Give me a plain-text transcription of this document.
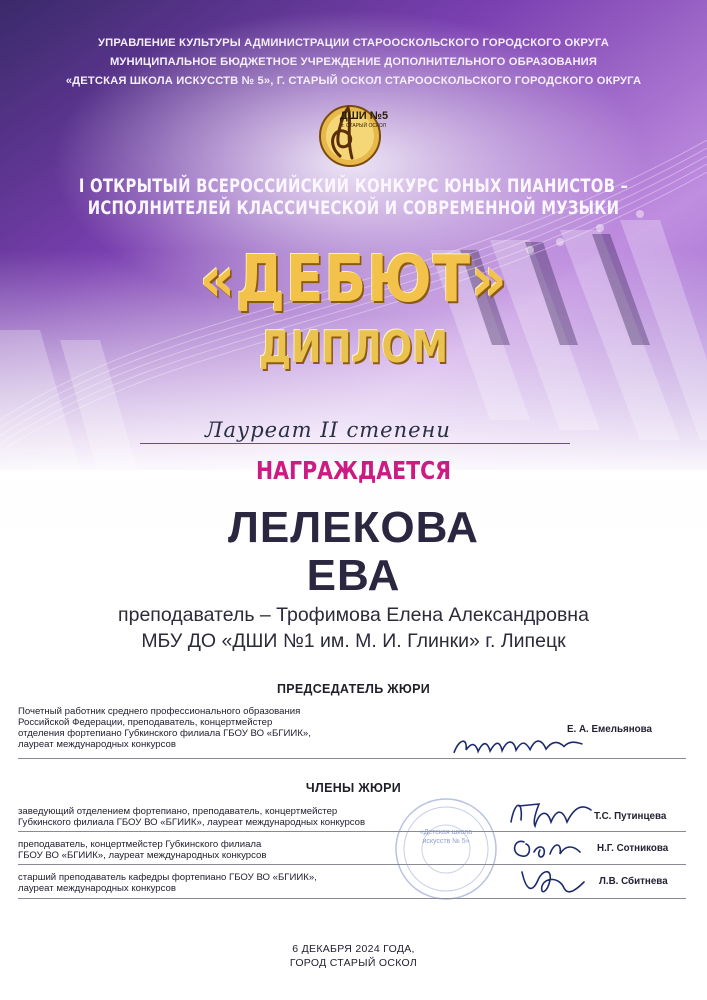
УПРАВЛЕНИЕ КУЛЬТУРЫ АДМИНИСТРАЦИИ СТАРООСКОЛЬСКОГО ГОРОДСКОГО ОКРУГА
МУНИЦИПАЛЬНОЕ БЮДЖЕТНОЕ УЧРЕЖДЕНИЕ ДОПОЛНИТЕЛЬНОГО ОБРАЗОВАНИЯ
«ДЕТСКАЯ ШКОЛА ИСКУССТВ № 5», Г. СТАРЫЙ ОСКОЛ СТАРООСКОЛЬСКОГО ГОРОДСКОГО ОКРУГА
ДШИ №5
г. СТАРЫЙ ОСКОЛ
I ОТКРЫТЫЙ ВСЕРОССИЙСКИЙ КОНКУРС ЮНЫХ ПИАНИСТОВ –
ИСПОЛНИТЕЛЕЙ КЛАССИЧЕСКОЙ И СОВРЕМЕННОЙ МУЗЫКИ
«ДЕБЮТ»
ДИПЛОМ
Лауреат II степени
НАГРАЖДАЕТСЯ
ЛЕЛЕКОВА
ЕВА
преподаватель – Трофимова Елена Александровна
МБУ ДО «ДШИ №1 им. М. И. Глинки» г. Липецк
ПРЕДСЕДАТЕЛЬ ЖЮРИ
Почетный работник среднего профессионального образования
Российской Федерации, преподаватель, концертмейстер
отделения фортепиано Губкинского филиала ГБОУ ВО «БГИИК»,
лауреат международных конкурсов
Е. А. Емельянова
ЧЛЕНЫ ЖЮРИ
«Детская школа искусств № 5»
заведующий отделением фортепиано, преподаватель, концертмейстер
Губкинского филиала ГБОУ ВО «БГИИК», лауреат международных конкурсов
Т.С. Путинцева
преподаватель, концертмейстер Губкинского филиала
ГБОУ ВО «БГИИК», лауреат международных конкурсов
Н.Г. Сотникова
старший преподаватель кафедры фортепиано ГБОУ ВО «БГИИК»,
лауреат международных конкурсов
Л.В. Сбитнева
6 ДЕКАБРЯ 2024 ГОДА,
ГОРОД СТАРЫЙ ОСКОЛ
